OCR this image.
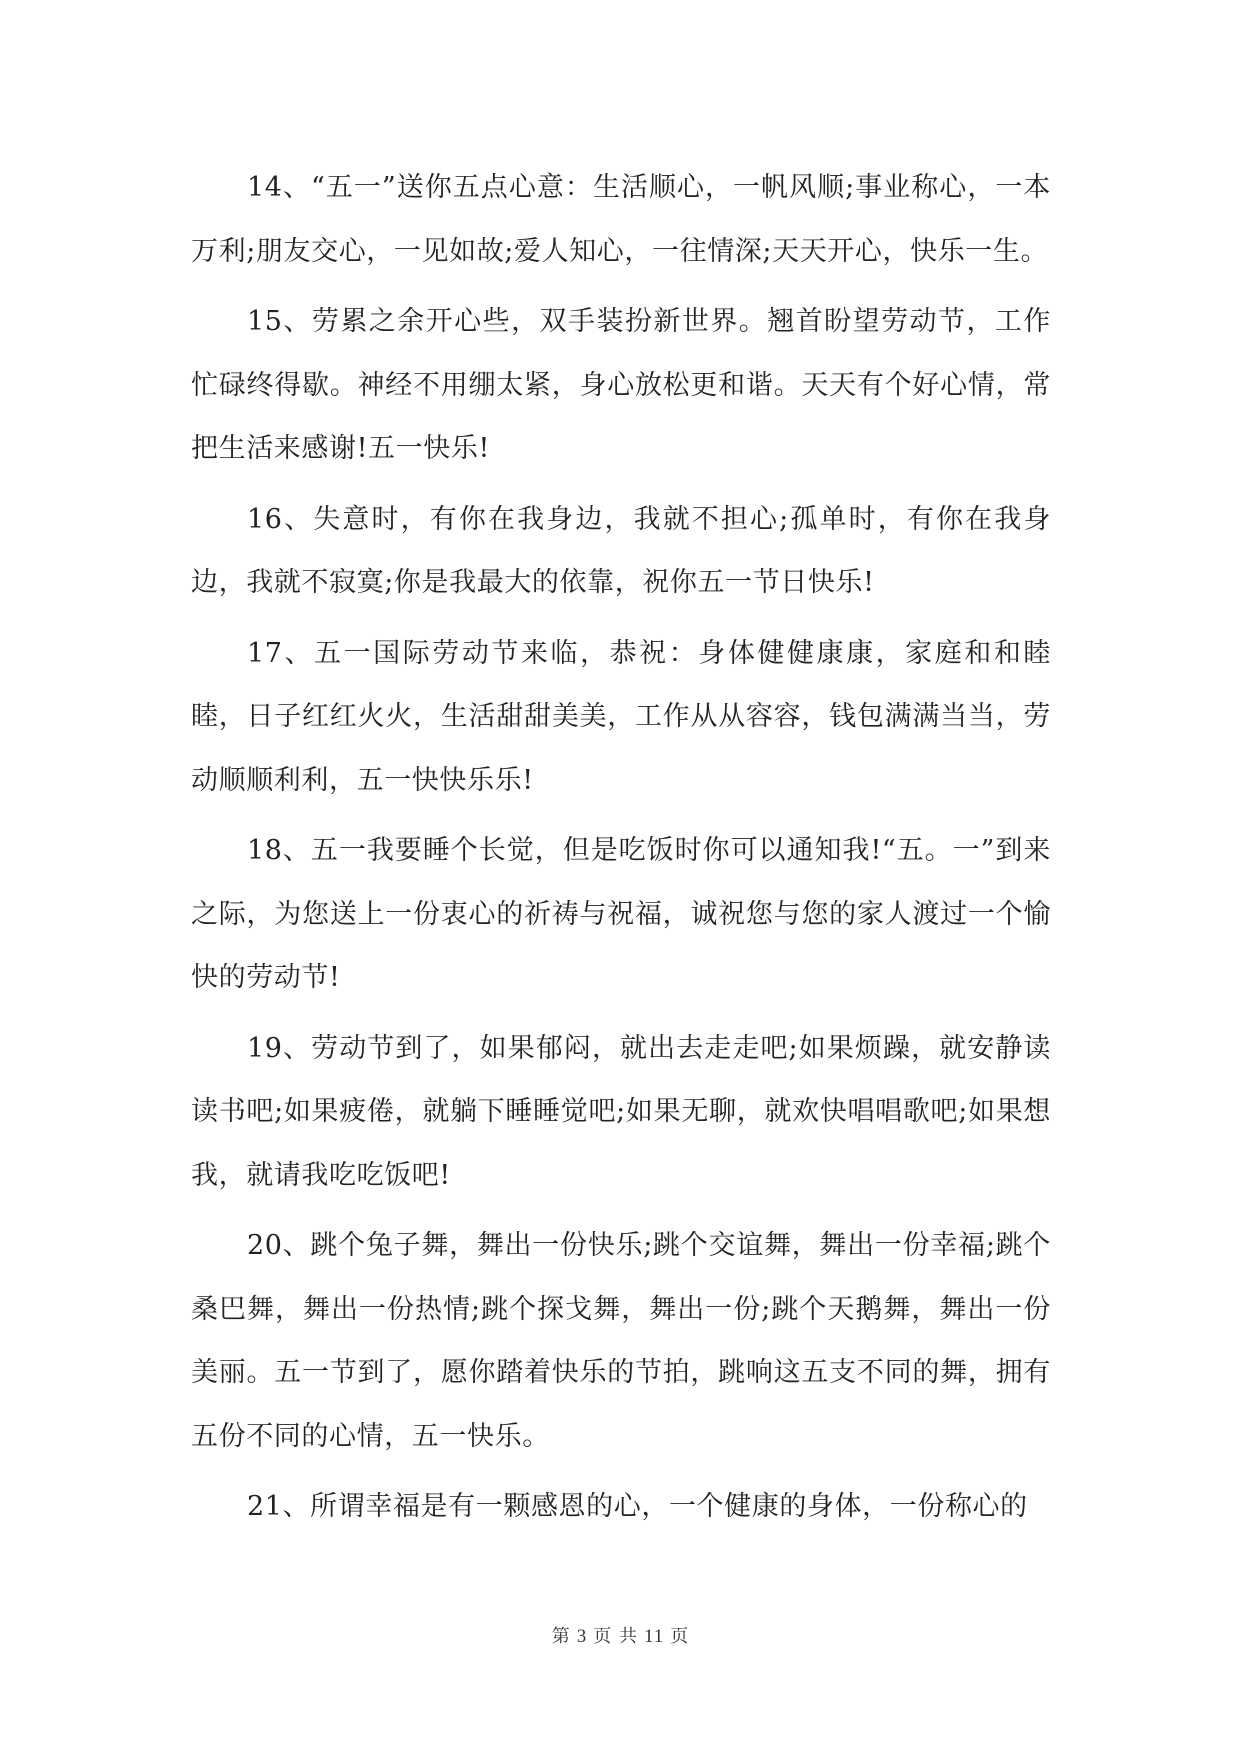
14、“五一”送你五点心意：生活顺心，一帆风顺;事业称心，一本万利;朋友交心，一见如故;爱人知心，一往情深;天天开心，快乐一生。

15、劳累之余开心些，双手装扮新世界。翘首盼望劳动节，工作忙碌终得歇。神经不用绷太紧，身心放松更和谐。天天有个好心情，常把生活来感谢!五一快乐!

16、失意时，有你在我身边，我就不担心;孤单时，有你在我身边，我就不寂寞;你是我最大的依靠，祝你五一节日快乐!

17、五一国际劳动节来临，恭祝：身体健健康康，家庭和和睦睦，日子红红火火，生活甜甜美美，工作从从容容，钱包满满当当，劳动顺顺利利，五一快快乐乐!

18、五一我要睡个长觉，但是吃饭时你可以通知我!“五。一”到来之际，为您送上一份衷心的祈祷与祝福，诚祝您与您的家人渡过一个愉快的劳动节!

19、劳动节到了，如果郁闷，就出去走走吧;如果烦躁，就安静读读书吧;如果疲倦，就躺下睡睡觉吧;如果无聊，就欢快唱唱歌吧;如果想我，就请我吃吃饭吧!

20、跳个兔子舞，舞出一份快乐;跳个交谊舞，舞出一份幸福;跳个桑巴舞，舞出一份热情;跳个探戈舞，舞出一份;跳个天鹅舞，舞出一份美丽。五一节到了，愿你踏着快乐的节拍，跳响这五支不同的舞，拥有五份不同的心情，五一快乐。

21、所谓幸福是有一颗感恩的心，一个健康的身体，一份称心的

第 3 页 共 11 页
